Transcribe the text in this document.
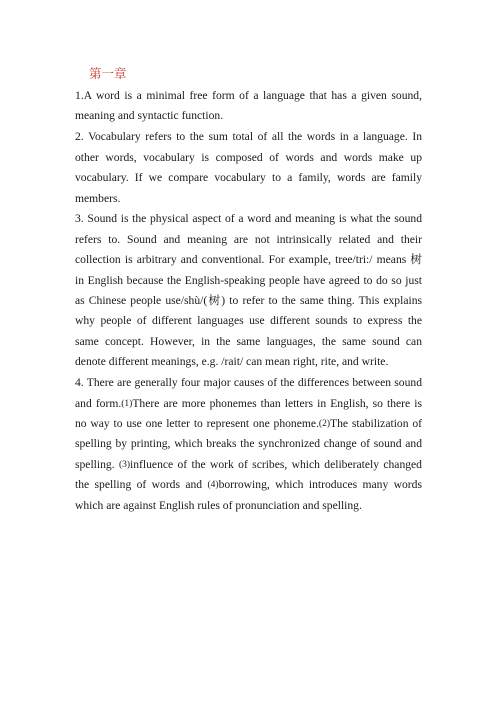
第一章

1.A word is a minimal free form of a language that has a given sound, meaning and syntactic function.

2. Vocabulary refers to the sum total of all the words in a language. In other words, vocabulary is composed of words and words make up vocabulary. If we compare vocabulary to a family, words are family members.

3. Sound is the physical aspect of a word and meaning is what the sound refers to. Sound and meaning are not intrinsically related and their collection is arbitrary and conventional. For example, tree/tri:/ means 树 in English because the English-speaking people have agreed to do so just as Chinese people use/shù/(树) to refer to the same thing. This explains why people of different languages use different sounds to express the same concept. However, in the same languages, the same sound can denote different meanings, e.g. /rait/ can mean right, rite, and write.

4. There are generally four major causes of the differences between sound and form.(1)There are more phonemes than letters in English, so there is no way to use one letter to represent one phoneme.(2)The stabilization of spelling by printing, which breaks the synchronized change of sound and spelling. (3)influence of the work of scribes, which deliberately changed the spelling of words and (4)borrowing, which introduces many words which are against English rules of pronunciation and spelling.
